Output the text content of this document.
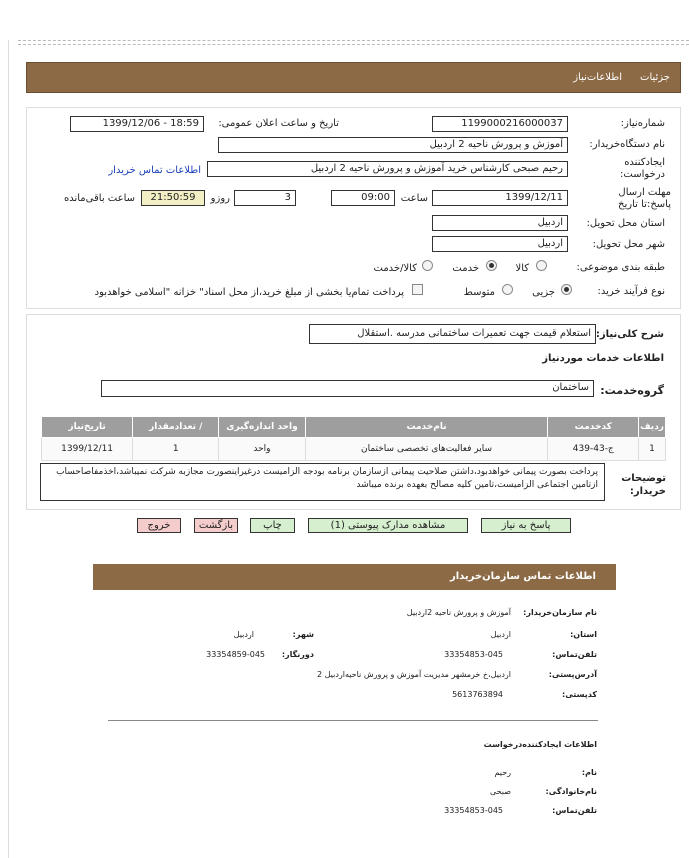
جزئیات
اطلاعات‌نیاز
شماره‌نیاز:
1199000216000037
تاریخ و ساعت اعلان عمومی:
1399/12/06 - 18:59
نام دستگاه‌خریدار:
آموزش و پرورش ناحیه 2 اردبیل
ایجادکننده درخواست:
رحیم صبحی کارشناس خرید آموزش و پرورش ناحیه 2 اردبیل
اطلاعات تماس خریدار
مهلت ارسال پاسخ:تا تاریخ
1399/12/11
ساعت
09:00
3
روزو
21:50:59
ساعت باقی‌مانده
استان محل تحویل:
اردبیل
شهر محل تحویل:
اردبیل
طبقه بندی موضوعی:
کالا
خدمت
کالا/خدمت
نوع فرآیند خرید:
جزیی
متوسط
پرداخت تمام‌یا بخشی از مبلغ خرید،از محل اسناد" خزانه "اسلامی خواهد‌بود
شرح کلی‌نیاز:
استعلام قیمت جهت تعمیرات ساختمانی مدرسه .استقلال
اطلاعات خدمات موردنیاز
گروه‌خدمت:
ساختمان
ردیف	کدخدمت	نام‌خدمت	واحد اندازه‌گیری	/ تعدادمقدار	تاریخ‌نیاز
1	ج-43-439	سایر فعالیت‌های تخصصی ساختمان	واحد	1	1399/12/11
توضیحات خریدار:
پرداخت بصورت پیمانی خواهدبود،داشتن صلاحیت پیمانی ازسازمان برنامه بودجه الزامیست درغیراینصورت مجازبه شرکت نمیباشد،اخذمفاصاحساب ازتامین اجتماعی الزامیست،تامین کلیه مصالح بعهده برنده میباشد
پاسخ به نیاز
مشاهده مدارک پیوستی (1)
چاپ
بازگشت
خروج
اطلاعات تماس سازمان‌خریدار
نام سازمان‌خریدار:
آموزش و پرورش ناحیه 2اردبیل
استان:
اردبیل
شهر:
اردبیل
تلفن‌تماس:
33354853-045
دورنگار:
33354859-045
آدرس‌پستی:
اردبیل،خ خرمشهر مدیریت آموزش و پرورش ناحیه‌اردبیل 2
کدپستی:
5613763894
اطلاعات ایجادکننده‌درخواست
نام:
رحیم
نام‌خانوادگی:
صبحی
تلفن‌تماس:
33354853-045
